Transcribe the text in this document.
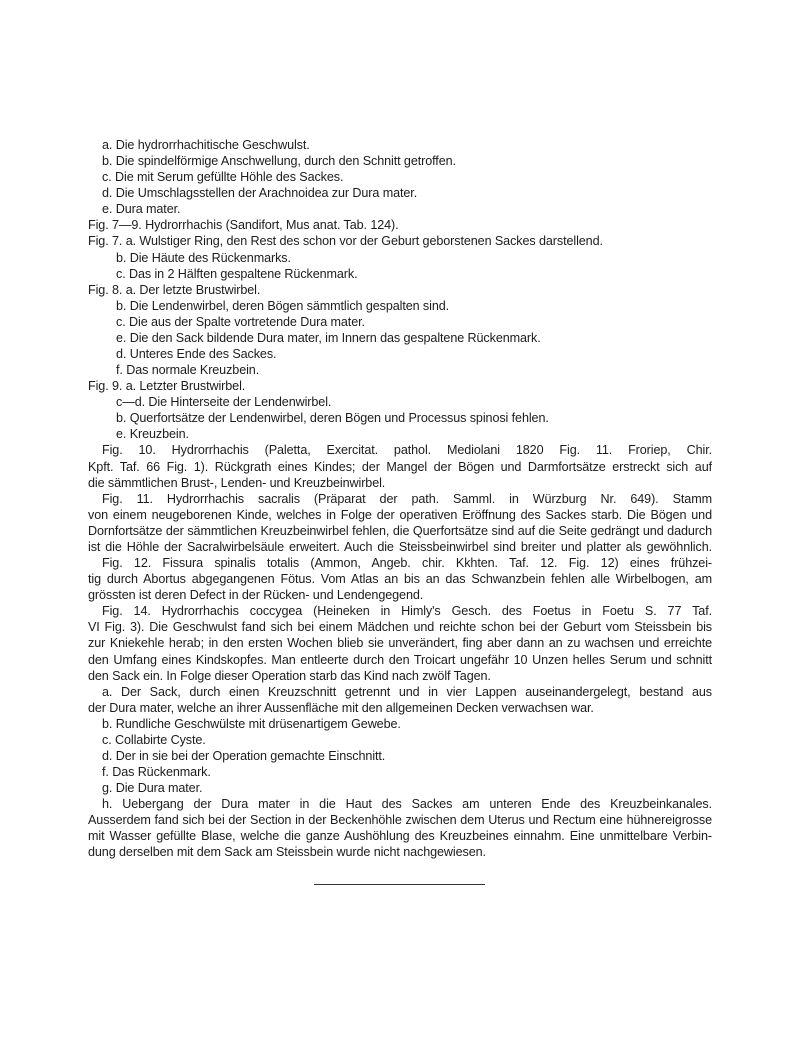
a. Die hydrorrhachitische Geschwulst.
b. Die spindelförmige Anschwellung, durch den Schnitt getroffen.
c. Die mit Serum gefüllte Höhle des Sackes.
d. Die Umschlagsstellen der Arachnoidea zur Dura mater.
e. Dura mater.
Fig. 7—9. Hydrorrhachis (Sandifort, Mus anat. Tab. 124).
Fig. 7. a. Wulstiger Ring, den Rest des schon vor der Geburt geborstenen Sackes darstellend.
b. Die Häute des Rückenmarks.
c. Das in 2 Hälften gespaltene Rückenmark.
Fig. 8. a. Der letzte Brustwirbel.
b. Die Lendenwirbel, deren Bögen sämmtlich gespalten sind.
c. Die aus der Spalte vortretende Dura mater.
e. Die den Sack bildende Dura mater, im Innern das gespaltene Rückenmark.
d. Unteres Ende des Sackes.
f. Das normale Kreuzbein.
Fig. 9. a. Letzter Brustwirbel.
c—d. Die Hinterseite der Lendenwirbel.
b. Querfortsätze der Lendenwirbel, deren Bögen und Processus spinosi fehlen.
e. Kreuzbein.
Fig. 10. Hydrorrhachis (Paletta, Exercitat. pathol. Mediolani 1820 Fig. 11. Froriep, Chir.
Kpft. Taf. 66 Fig. 1). Rückgrath eines Kindes; der Mangel der Bögen und Darmfortsätze erstreckt sich auf
die sämmtlichen Brust-, Lenden- und Kreuzbeinwirbel.
Fig. 11. Hydrorrhachis sacralis (Präparat der path. Samml. in Würzburg Nr. 649). Stamm
von einem neugeborenen Kinde, welches in Folge der operativen Eröffnung des Sackes starb. Die Bögen und
Dornfortsätze der sämmtlichen Kreuzbeinwirbel fehlen, die Querfortsätze sind auf die Seite gedrängt und dadurch
ist die Höhle der Sacralwirbelsäule erweitert. Auch die Steissbeinwirbel sind breiter und platter als gewöhnlich.
Fig. 12. Fissura spinalis totalis (Ammon, Angeb. chir. Kkhten. Taf. 12. Fig. 12) eines frühzei-
tig durch Abortus abgegangenen Fötus. Vom Atlas an bis an das Schwanzbein fehlen alle Wirbelbogen, am
grössten ist deren Defect in der Rücken- und Lendengegend.
Fig. 14. Hydrorrhachis coccygea (Heineken in Himly's Gesch. des Foetus in Foetu S. 77 Taf.
VI Fig. 3). Die Geschwulst fand sich bei einem Mädchen und reichte schon bei der Geburt vom Steissbein bis
zur Kniekehle herab; in den ersten Wochen blieb sie unverändert, fing aber dann an zu wachsen und erreichte
den Umfang eines Kindskopfes. Man entleerte durch den Troicart ungefähr 10 Unzen helles Serum und schnitt
den Sack ein. In Folge dieser Operation starb das Kind nach zwölf Tagen.
a. Der Sack, durch einen Kreuzschnitt getrennt und in vier Lappen auseinandergelegt, bestand aus
der Dura mater, welche an ihrer Aussenfläche mit den allgemeinen Decken verwachsen war.
b. Rundliche Geschwülste mit drüsenartigem Gewebe.
c. Collabirte Cyste.
d. Der in sie bei der Operation gemachte Einschnitt.
f. Das Rückenmark.
g. Die Dura mater.
h. Uebergang der Dura mater in die Haut des Sackes am unteren Ende des Kreuzbeinkanales.
Ausserdem fand sich bei der Section in der Beckenhöhle zwischen dem Uterus und Rectum eine hühnereigrosse
mit Wasser gefüllte Blase, welche die ganze Aushöhlung des Kreuzbeines einnahm. Eine unmittelbare Verbin-
dung derselben mit dem Sack am Steissbein wurde nicht nachgewiesen.
